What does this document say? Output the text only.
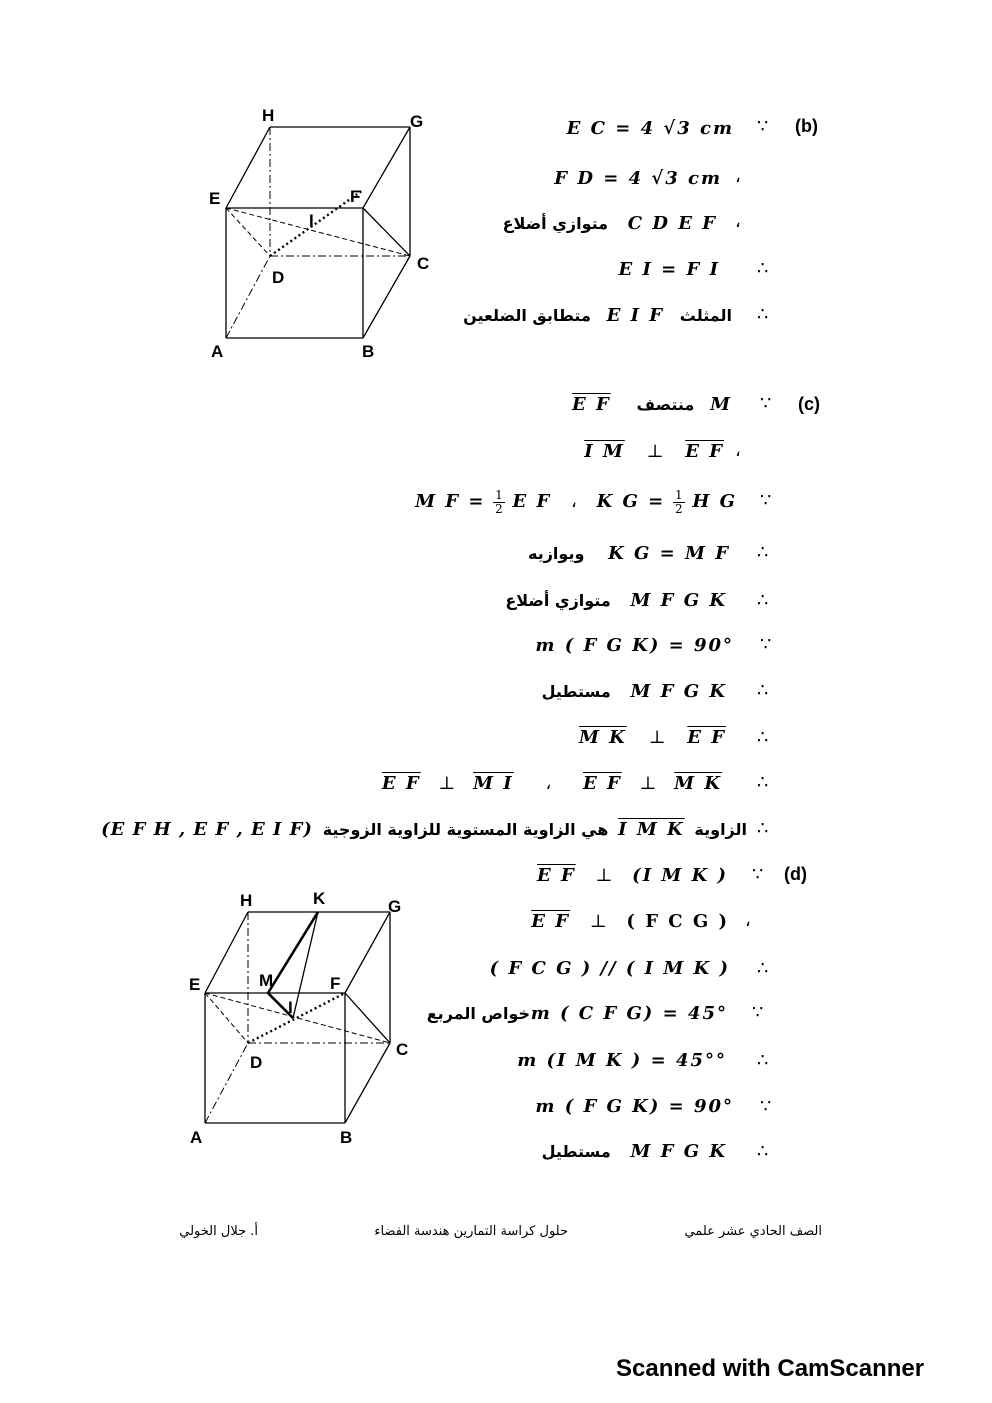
H	G
E	F
I
D
C
A	B
H	K	G
E	M	F
I
D
C
A	B
(b)
∵
E C = 4 √3 cm
،
F D = 4 √3 cm
،
متوازي أضلاع C D E F
∴
E I = F I
∴
متطابق الضلعين E I F المثلث
(c)
∵
E F منتصف M
،
I M ⊥ E F
∵
M $F = \frac{1}{2}$ E F ، K $G = \frac{1}{2}$ H G
∴
ويوازيه K G = M F
∴
متوازي أضلاع M F G K
∵
m ( F G K) = 90°
∴
مستطيل M F G K
∴
M K ⊥ E F
∴
E F ⊥ M I ، E F ⊥ M K
∴
(E F H , E F , E I F) هي الزاوية المستوية للزاوية الزوجية I M K الزاوية
(d)
∵
E F ⊥ (I M K )
،
E F ⊥ ( F C G )
∴
( F C G ) // ( I M K )
∵
m ( C F G) = 45°
خواص المربع
∴
m (I M K ) = 45°°
∵
m ( F G K) = 90°
∴
مستطيل M F G K
الصف الحادي عشر علمي
حلول كراسة التمارين هندسة الفضاء
أ. جلال الخولي
Scanned with CamScanner
